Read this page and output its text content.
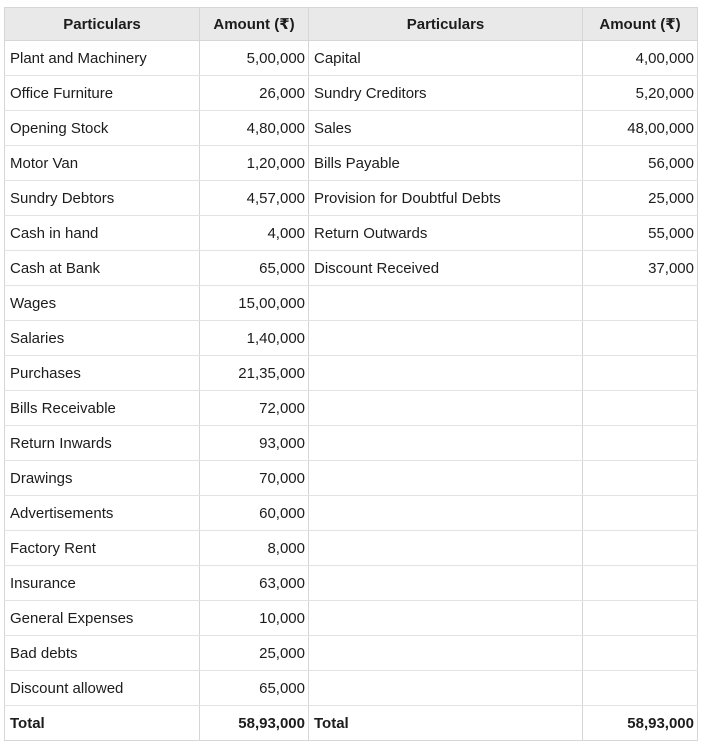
Particulars	Amount (₹)	Particulars	Amount (₹)
Plant and Machinery	5,00,000	Capital	4,00,000
Office Furniture	26,000	Sundry Creditors	5,20,000
Opening Stock	4,80,000	Sales	48,00,000
Motor Van	1,20,000	Bills Payable	56,000
Sundry Debtors	4,57,000	Provision for Doubtful Debts	25,000
Cash in hand	4,000	Return Outwards	55,000
Cash at Bank	65,000	Discount Received	37,000
Wages	15,00,000		
Salaries	1,40,000		
Purchases	21,35,000		
Bills Receivable	72,000		
Return Inwards	93,000		
Drawings	70,000		
Advertisements	60,000		
Factory Rent	8,000		
Insurance	63,000		
General Expenses	10,000		
Bad debts	25,000		
Discount allowed	65,000		
Total	58,93,000	Total	58,93,000
